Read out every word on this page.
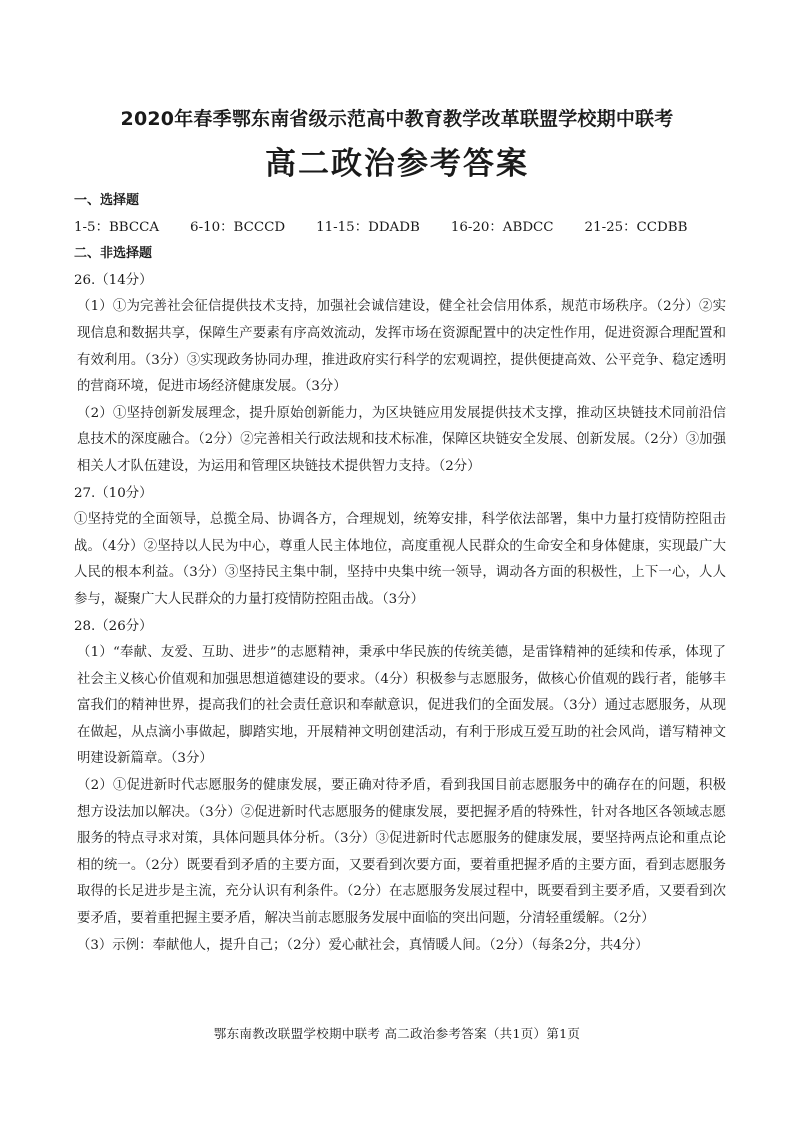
2020年春季鄂东南省级示范高中教育教学改革联盟学校期中联考
高二政治参考答案
一、选择题
1-5：BBCCA 6-10：BCCCD 11-15：DDADB 16-20：ABDCC 21-25：CCDBB
二、非选择题
26.（14分）
（1）①为完善社会征信提供技术支持，加强社会诚信建设，健全社会信用体系，规范市场秩序。（2分）②实现信息和数据共享，保障生产要素有序高效流动，发挥市场在资源配置中的决定性作用，促进资源合理配置和有效利用。（3分）③实现政务协同办理，推进政府实行科学的宏观调控，提供便捷高效、公平竞争、稳定透明的营商环境，促进市场经济健康发展。（3分）
（2）①坚持创新发展理念，提升原始创新能力，为区块链应用发展提供技术支撑，推动区块链技术同前沿信息技术的深度融合。（2分）②完善相关行政法规和技术标准，保障区块链安全发展、创新发展。（2分）③加强相关人才队伍建设，为运用和管理区块链技术提供智力支持。（2分）
27.（10分）
①坚持党的全面领导，总揽全局、协调各方，合理规划，统筹安排，科学依法部署，集中力量打疫情防控阻击战。（4分）②坚持以人民为中心，尊重人民主体地位，高度重视人民群众的生命安全和身体健康，实现最广大人民的根本利益。（3分）③坚持民主集中制，坚持中央集中统一领导，调动各方面的积极性，上下一心，人人参与，凝聚广大人民群众的力量打疫情防控阻击战。（3分）
28.（26分）
（1）“奉献、友爱、互助、进步”的志愿精神，秉承中华民族的传统美德，是雷锋精神的延续和传承，体现了社会主义核心价值观和加强思想道德建设的要求。（4分）积极参与志愿服务，做核心价值观的践行者，能够丰富我们的精神世界，提高我们的社会责任意识和奉献意识，促进我们的全面发展。（3分）通过志愿服务，从现在做起，从点滴小事做起，脚踏实地，开展精神文明创建活动，有利于形成互爱互助的社会风尚，谱写精神文明建设新篇章。（3分）
（2）①促进新时代志愿服务的健康发展，要正确对待矛盾，看到我国目前志愿服务中的确存在的问题，积极想方设法加以解决。（3分）②促进新时代志愿服务的健康发展，要把握矛盾的特殊性，针对各地区各领域志愿服务的特点寻求对策，具体问题具体分析。（3分）③促进新时代志愿服务的健康发展，要坚持两点论和重点论相的统一。（2分）既要看到矛盾的主要方面，又要看到次要方面，要着重把握矛盾的主要方面，看到志愿服务取得的长足进步是主流，充分认识有利条件。（2分）在志愿服务发展过程中，既要看到主要矛盾，又要看到次要矛盾，要着重把握主要矛盾，解决当前志愿服务发展中面临的突出问题，分清轻重缓解。（2分）
（3）示例：奉献他人，提升自己；（2分）爱心献社会，真情暖人间。（2分）（每条2分，共4分）
鄂东南教改联盟学校期中联考 高二政治参考答案（共1页）第1页
